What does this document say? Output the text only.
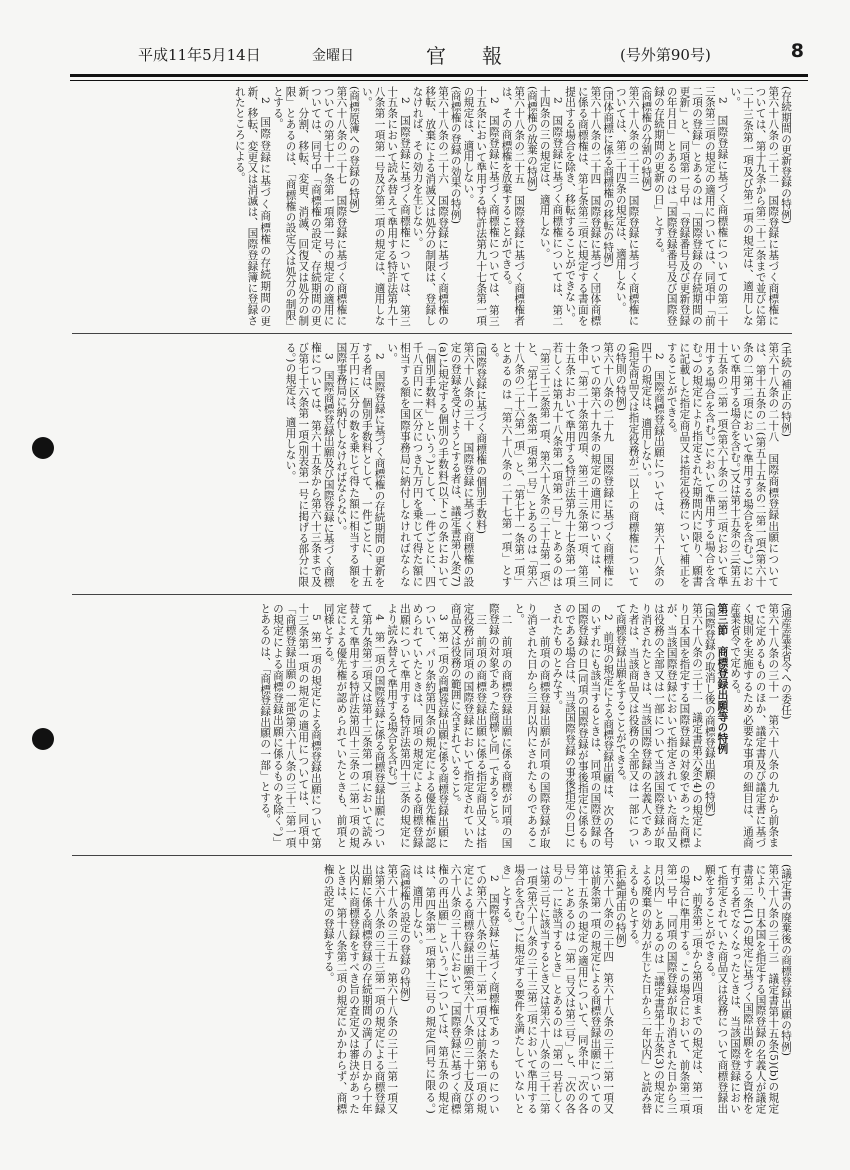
平成11年5月14日	金曜日	官報	(号外第90号)	8

(存続期間の更新登録の特例)

第六十八条の二十二　国際登録に基づく商標権については、第十九条から第二十二条まで並びに第二十三条第一項及び第二項の規定は、適用しない。

2　国際登録に基づく商標権についての第二十三条第三項の規定の適用については、同項中「前二項の登録」とあるのは「国際登録の存続期間の更新」と、同項第一号中「登録番号及び更新登録の年月日」とあるのは「国際登録番号及び国際登録の存続期間の更新の日」とする。

(商標権の分割の特例)

第六十八条の二十三　国際登録に基づく商標権については、第二十四条の規定は、適用しない。

(団体商標に係る商標権の移転の特例)

第六十八条の二十四　国際登録に基づく団体商標に係る商標権は、第七条第三項に規定する書面を提出する場合を除き、移転することができない。

2　国際登録に基づく商標権については、第二十四条の三の規定は、適用しない。

(商標権の放棄の特例)

第六十八条の二十五　国際登録に基づく商標権者は、その商標権を放棄することができる。

2　国際登録に基づく商標権については、第三十五条において準用する特許法第九十七条第一項の規定は、適用しない。

(商標権の登録の効果の特例)

第六十八条の二十六　国際登録に基づく商標権の移転、放棄による消滅又は処分の制限は、登録しなければ、その効力を生じない。

2　国際登録に基づく商標権については、第三十五条において読み替えて準用する特許法第九十八条第一項第一号及び第二項の規定は、適用しない。

(商標原簿への登録の特例)

第六十八条の二十七　国際登録に基づく商標権についての第七十一条第一項第一号の規定の適用については、同号中「商標権の設定、存続期間の更新、分割、移転、変更、消滅、回復又は処分の制限」とあるのは、「商標権の設定又は処分の制限」とする。

2　国際登録に基づく商標権の存続期間の更新、移転、変更又は消滅は、国際登録簿に登録されたところによる。

(手続の補正の特例)

第六十八条の二十八　国際商標登録出願については、第十五条の二(第五十五条の二第一項(第六十条の二第二項において準用する場合を含む。)において準用する場合を含む。)又は第十五条の三(第五十五条の二第一項(第六十条の二第二項において準用する場合を含む。)において準用する場合を含む。)の規定により指定された期間内に限り、願書に記載した指定商品又は指定役務について補正をすることができる。

2　国際商標登録出願については、第六十八条の四十の規定は、適用しない。

(指定商品又は指定役務が二以上の商標権についての特則の特例)

第六十八条の二十九　国際登録に基づく商標権についての第六十九条の規定の適用については、同条中「第二十条第四項、第三十三条第一項、第三十五条において準用する特許法第九十七条第一項若しくは第九十八条第一項第一号」とあるのは「第三十三条第一項、第六十八条の二十五第一項」と、「第七十一条第一項第一号」とあるのは「第六十八条の二十六第一項」と、「第七十一条第一項」とあるのは「第六十八条の二十七第一項」とする。

(国際登録に基づく商標権の個別手数料)

第六十八条の三十　国際登録に基づく商標権の設定の登録を受けようとする者は、議定書第八条(7)(a)に規定する個別の手数料(以下この条において「個別手数料」という。)として、一件ごとに、四千八百円に一区分につき九万円を乗じて得た額に相当する額を国際事務局に納付しなければならない。

2　国際登録に基づく商標権の存続期間の更新をする者は、個別手数料として、一件ごとに、十五万千円に区分の数を乗じて得た額に相当する額を国際事務局に納付しなければならない。

3　国際商標登録出願及び国際登録に基づく商標権については、第六十五条から第六十三条まで及び第七十六条第一項(別表第一号に掲げる部分に限る。)の規定は、適用しない。

(通産産業省令への委任)

第六十八条の三十一　第六十八条の九から前条までに定めるもののほか、議定書及び議定書に基づく規則を実施するため必要な事項の細目は、通商産業省令で定める。

第三節　商標登録出願等の特例

(国際登録の取消し後の商標登録出願の特例)

第六十八条の三十二　議定書第六条(4)の規定により日本国を指定する国際登録の対象であった商標が、当該国際登録において指定されていた商品又は役務の全部又は一部について当該国際登録が取り消されたときは、当該国際登録の名義人であった者は、当該商品又は役務の全部又は一部について商標登録出願をすることができる。

2　前項の規定による商標登録出願は、次の各号のいずれにも該当するときは、同項の国際登録の国際登録の日(同項の国際登録が事後指定に係るものである場合は、当該国際登録の事後指定の日)にされたものとみなす。

一　前項の商標登録出願が同項の国際登録が取り消された日から三月以内にされたものであること。

二　前項の商標登録出願に係る商標が同項の国際登録の対象であった商標と同一であること。

三　前項の商標登録出願に係る指定商品又は指定役務が同項の国際登録において指定されていた商品又は役務の範囲に含まれていること。

3　第一項の商標登録出願に係る商標登録出願について、パリ条約第四条の規定による優先権が認められていたときは、同項の規定による商標登録出願について準用する特許法第四十三条の規定により読み替えて準用する場合を含む。)

4　第一項の国際登録に係る商標登録出願について第九条第二項又は第十三条第一項において読み替えて準用する特許法第四十三条の二第一項の規定による優先権が認められていたときも、前項と同様とする。

5　第一項の規定による商標登録出願について第十三条第一項の規定の適用については、同項中「商標登録出願の一部(第六十八条の三十二第一項の規定による商標登録出願に係るものを除く。)」とあるのは、「商標登録出願の一部」とする。

(議定書の廃棄後の商標登録出願の特例)

第六十八条の三十三　議定書第十五条(5)(b)の規定により、日本国を指定する国際登録の名義人が議定書第二条(1)の規定に基づく国際出願をする資格を有する者でなくなったときは、当該国際登録において指定されていた商品又は役務について商標登録出願をすることができる。

2　前条第二項から第四項までの規定は、第一項の場合に準用する。この場合において、前条第二項第一号中「同項の国際登録が取り消された日から三月以内」とあるのは「議定書第十五条(3)の規定による廃棄の効力が生じた日から二年以内」と読み替えるものとする。

(拒絶理由の特例)

第六十八条の三十四　第六十八条の三十二第一項又は前条第一項の規定による商標登録出願についての第十五条の規定の適用について、同条中「次の各号」とあるのは「第一号又は第三号」と、「次の各号の一に該当するとき」とあるのは「第一号若しくは第三号に該当するとき又は第六十八条の三十二第一項(第六十八条の三十三第二項において準用する場合を含む。)に規定する要件を満たしていないとき」とする。

2　国際登録に基づく商標権であったものについての第六十八条の三十二第一項又は前条第一項の規定による商標登録出願(第六十八条の三十七及び第六十八条の三十八において「国際登録に基づく商標権の再出願」という。)については、第五条の規定は、第四条第一項第十三号の規定(同号に限る。)は、適用しない。

(商標権の設定の登録の特例)

第六十八条の三十五　第六十八条の三十二第一項又は第六十八条の三十三第一項の規定による商標登録出願に係る商標登録の存続期間の満了の日から十年以内に商標登録をすべき旨の査定又は審決があったときは、第十八条第二項の規定にかかわらず、商標権の設定の登録をする。
